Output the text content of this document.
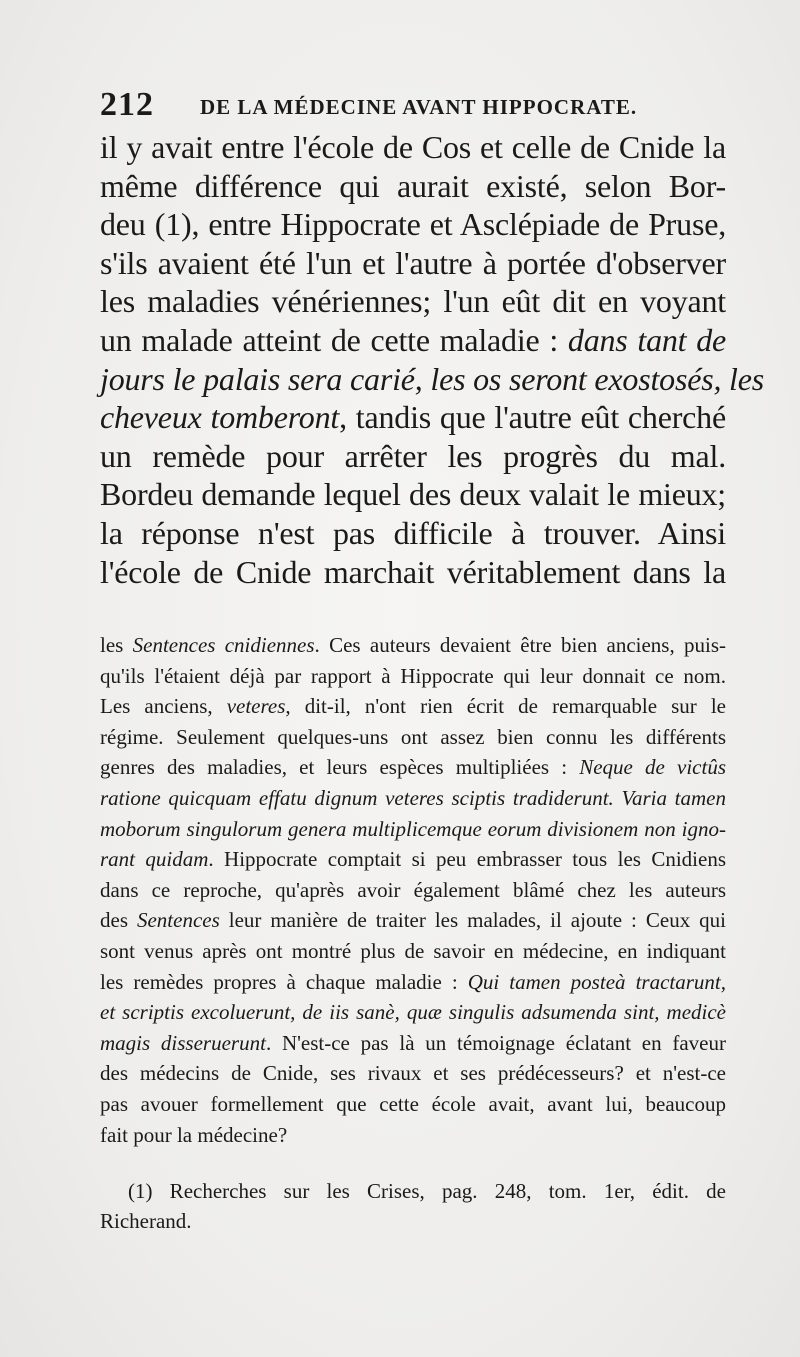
212 DE LA MÉDECINE AVANT HIPPOCRATE.
il y avait entre l'école de Cos et celle de Cnide la
même différence qui aurait existé, selon Bor-
deu (1), entre Hippocrate et Asclépiade de Pruse,
s'ils avaient été l'un et l'autre à portée d'observer
les maladies vénériennes; l'un eût dit en voyant
un malade atteint de cette maladie : dans tant de
jours le palais sera carié, les os seront exostosés, les
cheveux tomberont, tandis que l'autre eût cherché
un remède pour arrêter les progrès du mal.
Bordeu demande lequel des deux valait le mieux;
la réponse n'est pas difficile à trouver. Ainsi
l'école de Cnide marchait véritablement dans la
les Sentences cnidiennes. Ces auteurs devaient être bien anciens, puis-
qu'ils l'étaient déjà par rapport à Hippocrate qui leur donnait ce nom.
Les anciens, veteres, dit-il, n'ont rien écrit de remarquable sur le
régime. Seulement quelques-uns ont assez bien connu les différents
genres des maladies, et leurs espèces multipliées : Neque de victûs
ratione quicquam effatu dignum veteres sciptis tradiderunt. Varia tamen
moborum singulorum genera multiplicemque eorum divisionem non igno-
rant quidam. Hippocrate comptait si peu embrasser tous les Cnidiens
dans ce reproche, qu'après avoir également blâmé chez les auteurs
des Sentences leur manière de traiter les malades, il ajoute : Ceux qui
sont venus après ont montré plus de savoir en médecine, en indiquant
les remèdes propres à chaque maladie : Qui tamen posteà tractarunt,
et scriptis excoluerunt, de iis sanè, quæ singulis adsumenda sint, medicè
magis disseruerunt. N'est-ce pas là un témoignage éclatant en faveur
des médecins de Cnide, ses rivaux et ses prédécesseurs? et n'est-ce
pas avouer formellement que cette école avait, avant lui, beaucoup
fait pour la médecine?
(1) Recherches sur les Crises, pag. 248, tom. 1er, édit. de
Richerand.
